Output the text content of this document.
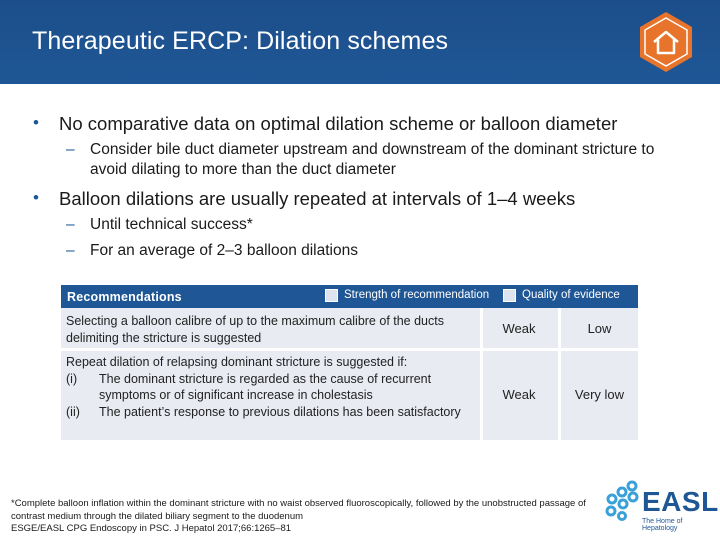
Therapeutic ERCP: Dilation schemes
• No comparative data on optimal dilation scheme or balloon diameter
– Consider bile duct diameter upstream and downstream of the dominant stricture to avoid dilating to more than the duct diameter
• Balloon dilations are usually repeated at intervals of 1–4 weeks
– Until technical success*
– For an average of 2–3 balloon dilations
Recommendations	Strength of recommendation	Quality of evidence
Selecting a balloon calibre of up to the maximum calibre of the ducts delimiting the stricture is suggested
Weak	Low
Repeat dilation of relapsing dominant stricture is suggested if:
(i) The dominant stricture is regarded as the cause of recurrent symptoms or of significant increase in cholestasis
(ii) The patient’s response to previous dilations has been satisfactory
Weak	Very low
*Complete balloon inflation within the dominant stricture with no waist observed fluoroscopically, followed by the unobstructed passage of contrast medium through the dilated biliary segment to the duodenum
ESGE/EASL CPG Endoscopy in PSC. J Hepatol 2017;66:1265–81
EASL
The Home of Hepatology
